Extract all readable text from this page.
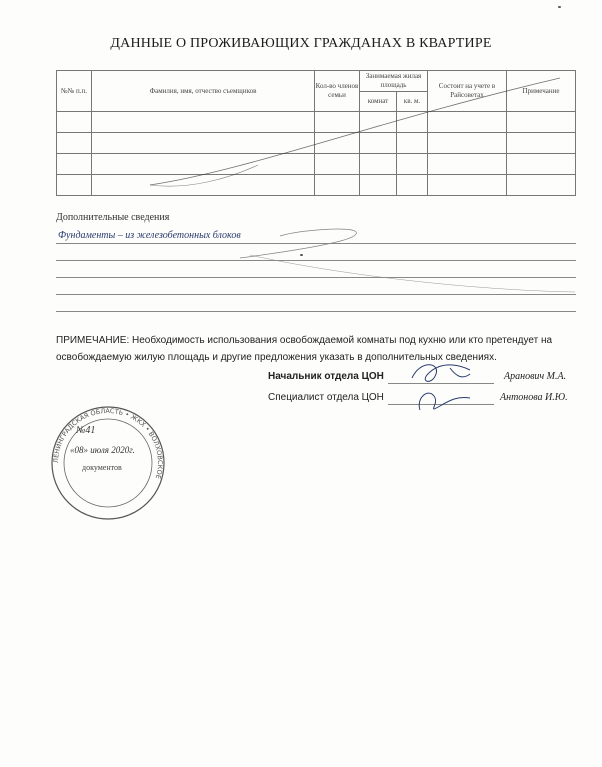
ДАННЫЕ О ПРОЖИВАЮЩИХ ГРАЖДАНАХ В КВАРТИРЕ
№№ п.п.	Фамилия, имя, отчество съемщиков	Кол-во членов семьи	Занимаемая жилая площадь		Состоит на учете в Райсоветах	Примечание
			комнат	кв. м.		

Дополнительные сведения
Фундаменты – из железобетонных блоков
ПРИМЕЧАНИЕ: Необходимость использования освобождаемой комнаты под кухню или кто претендует на освобождаемую жилую площадь и другие предложения указать в дополнительных сведениях.
Начальник отдела ЦОН	Аранович М.А.
Специалист отдела ЦОН	Антонова И.Ю.
ЛЕНИНГРАДСКАЯ ОБЛАСТЬ • ЖКХ • ВОЛХОВСКОЕ
№41
«08» июля 2020г.
документов
